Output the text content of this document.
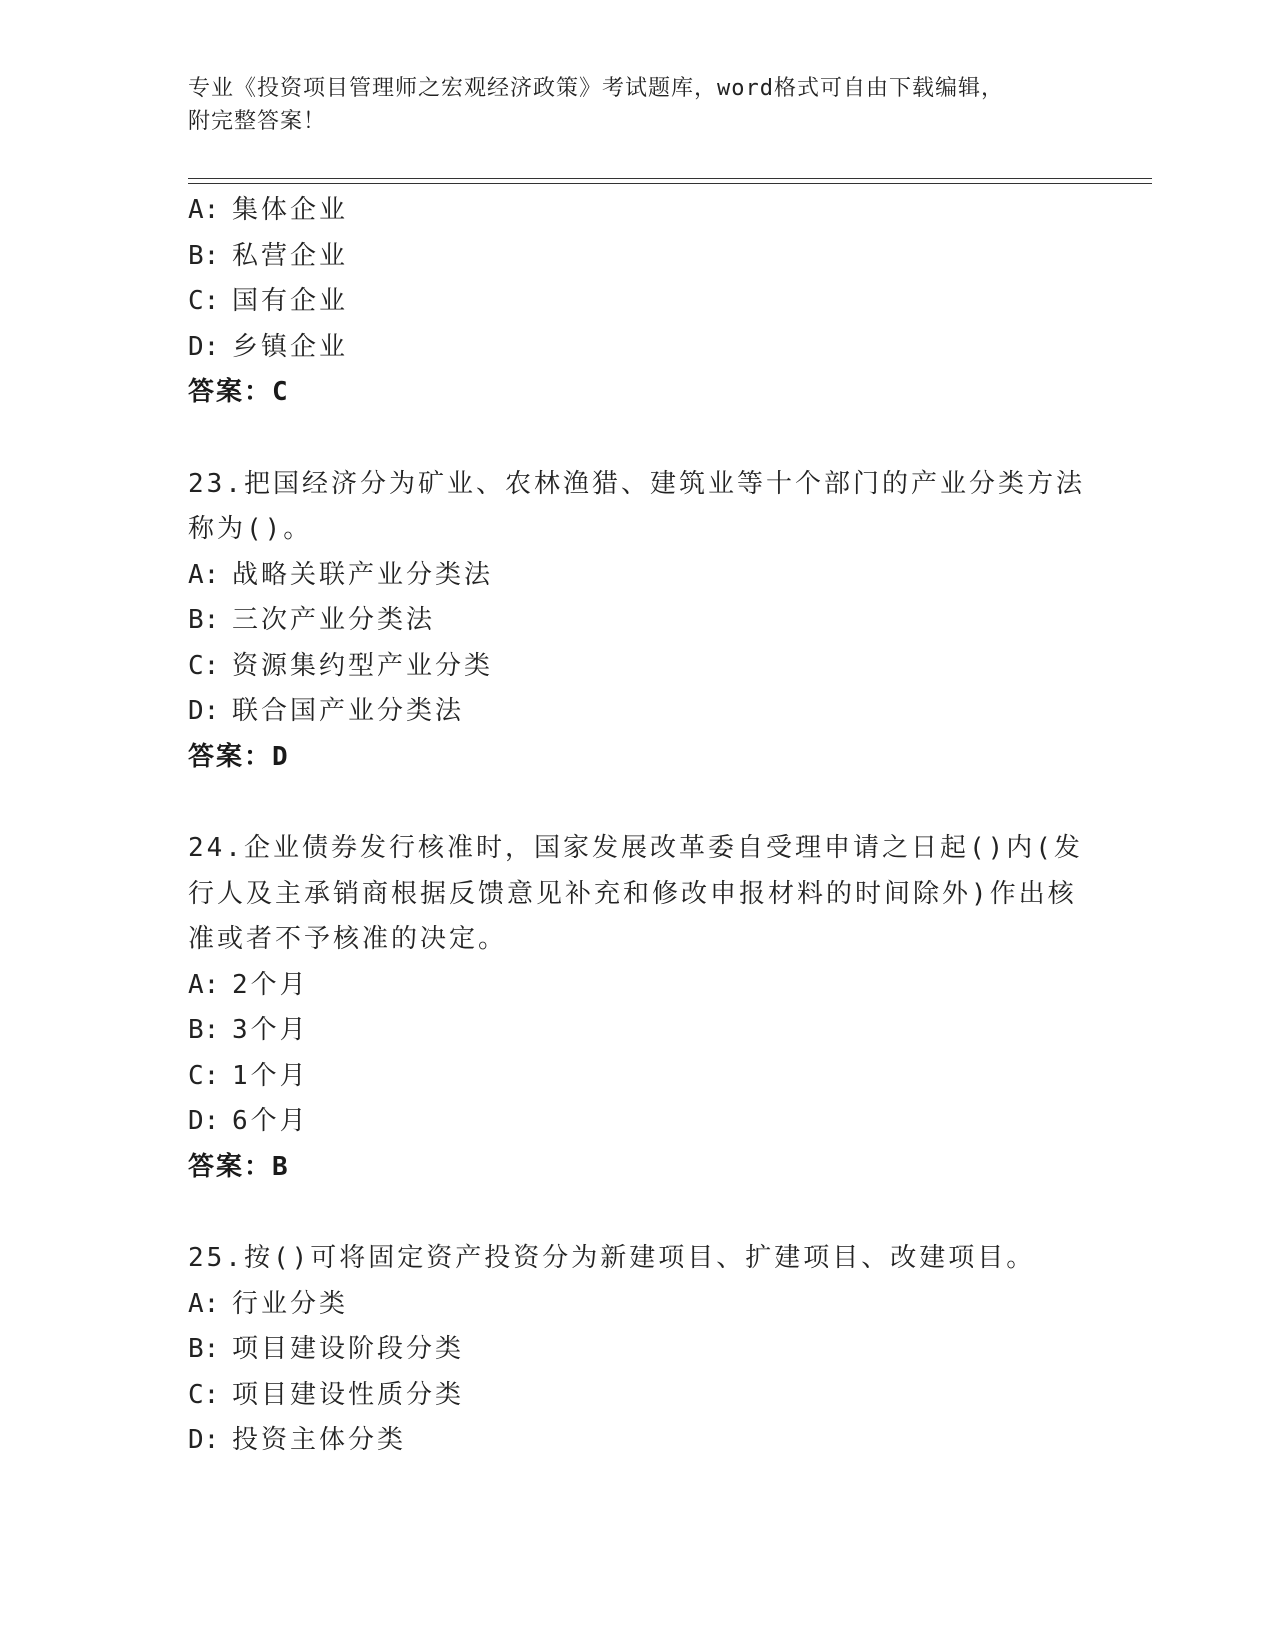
专业《投资项目管理师之宏观经济政策》考试题库，word格式可自由下载编辑，
附完整答案！
A: 集体企业
B: 私营企业
C: 国有企业
D: 乡镇企业
答案：C
23.把国经济分为矿业、农林渔猎、建筑业等十个部门的产业分类方法
称为()。
A: 战略关联产业分类法
B: 三次产业分类法
C: 资源集约型产业分类
D: 联合国产业分类法
答案：D
24.企业债券发行核准时，国家发展改革委自受理申请之日起()内(发
行人及主承销商根据反馈意见补充和修改申报材料的时间除外)作出核
准或者不予核准的决定。
A: 2个月
B: 3个月
C: 1个月
D: 6个月
答案：B
25.按()可将固定资产投资分为新建项目、扩建项目、改建项目。
A: 行业分类
B: 项目建设阶段分类
C: 项目建设性质分类
D: 投资主体分类
